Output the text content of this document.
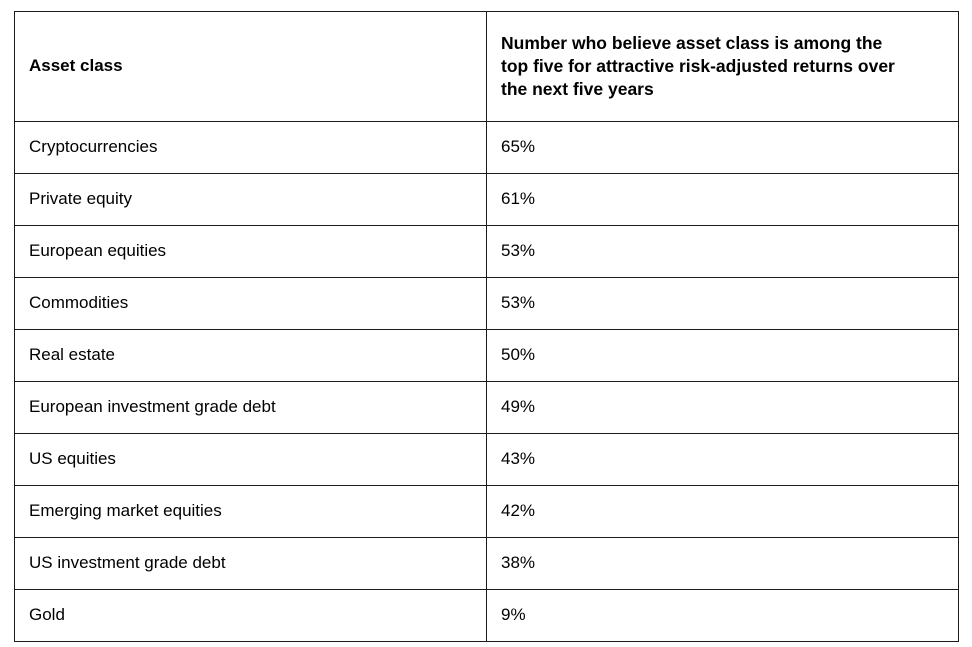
Asset class	Number who believe asset class is among the
top five for attractive risk-adjusted returns over
the next five years

Cryptocurrencies	65%
Private equity	61%
European equities	53%
Commodities	53%
Real estate	50%
European investment grade debt	49%
US equities	43%
Emerging market equities	42%
US investment grade debt	38%
Gold	9%
